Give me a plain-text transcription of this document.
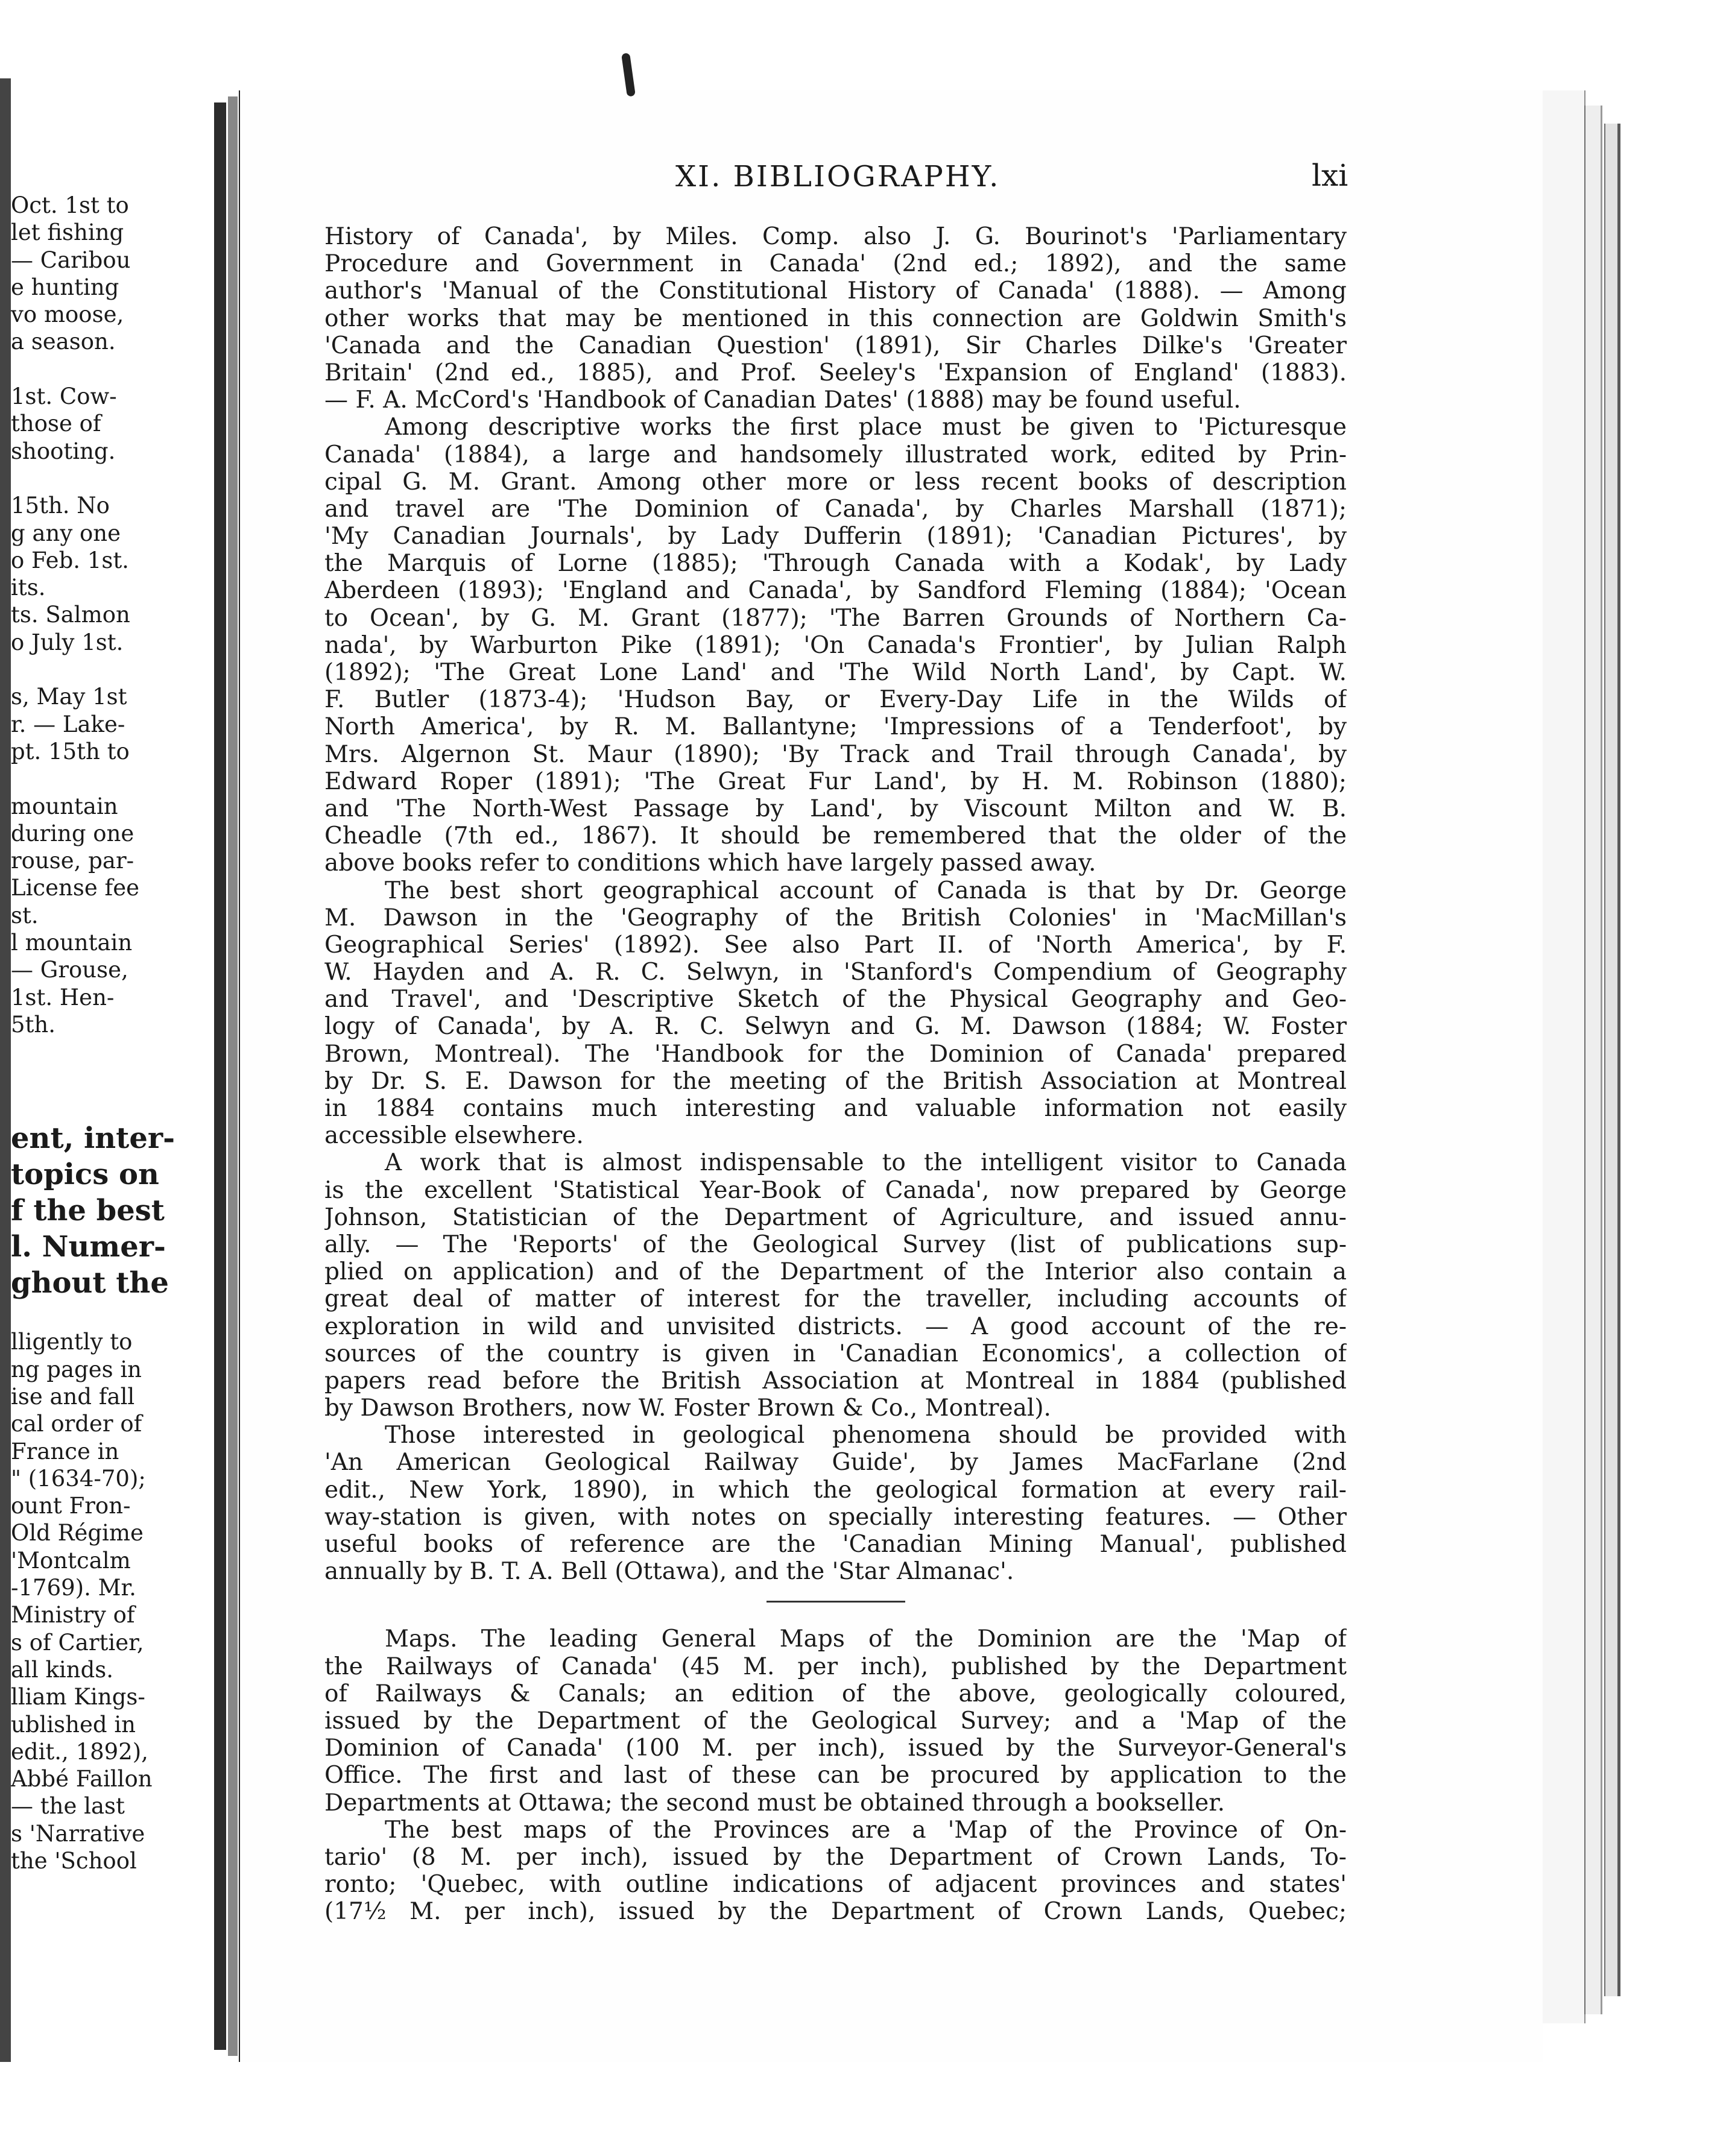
Oct. 1st to
let fishing
— Caribou
e hunting
vo moose,
a season.
1st. Cow-
those of
shooting.
15th. No
g any one
o Feb. 1st.
its.
ts. Salmon
o July 1st.
s, May 1st
r. — Lake-
pt. 15th to
mountain
during one
rouse, par-
License fee
st.
l mountain
— Grouse,
1st. Hen-
5th.
ent, inter-
topics on
f the best
l. Numer-
ghout the
lligently to
ng pages in
ise and fall
cal order of
France in
" (1634-70);
ount Fron-
Old Régime
'Montcalm
-1769). Mr.
Ministry of
s of Cartier,
all kinds.
lliam Kings-
ublished in
edit., 1892),
Abbé Faillon
— the last
s 'Narrative
the 'School
XI. BIBLIOGRAPHY.	lxi
History of Canada', by Miles. Comp. also J. G. Bourinot's 'Parliamentary
Procedure and Government in Canada' (2nd ed.; 1892), and the same
author's 'Manual of the Constitutional History of Canada' (1888). — Among
other works that may be mentioned in this connection are Goldwin Smith's
'Canada and the Canadian Question' (1891), Sir Charles Dilke's 'Greater
Britain' (2nd ed., 1885), and Prof. Seeley's 'Expansion of England' (1883).
— F. A. McCord's 'Handbook of Canadian Dates' (1888) may be found useful.
Among descriptive works the first place must be given to 'Picturesque
Canada' (1884), a large and handsomely illustrated work, edited by Prin-
cipal G. M. Grant. Among other more or less recent books of description
and travel are 'The Dominion of Canada', by Charles Marshall (1871);
'My Canadian Journals', by Lady Dufferin (1891); 'Canadian Pictures', by
the Marquis of Lorne (1885); 'Through Canada with a Kodak', by Lady
Aberdeen (1893); 'England and Canada', by Sandford Fleming (1884); 'Ocean
to Ocean', by G. M. Grant (1877); 'The Barren Grounds of Northern Ca-
nada', by Warburton Pike (1891); 'On Canada's Frontier', by Julian Ralph
(1892); 'The Great Lone Land' and 'The Wild North Land', by Capt. W.
F. Butler (1873-4); 'Hudson Bay, or Every-Day Life in the Wilds of
North America', by R. M. Ballantyne; 'Impressions of a Tenderfoot', by
Mrs. Algernon St. Maur (1890); 'By Track and Trail through Canada', by
Edward Roper (1891); 'The Great Fur Land', by H. M. Robinson (1880);
and 'The North-West Passage by Land', by Viscount Milton and W. B.
Cheadle (7th ed., 1867). It should be remembered that the older of the
above books refer to conditions which have largely passed away.
The best short geographical account of Canada is that by Dr. George
M. Dawson in the 'Geography of the British Colonies' in 'MacMillan's
Geographical Series' (1892). See also Part II. of 'North America', by F.
W. Hayden and A. R. C. Selwyn, in 'Stanford's Compendium of Geography
and Travel', and 'Descriptive Sketch of the Physical Geography and Geo-
logy of Canada', by A. R. C. Selwyn and G. M. Dawson (1884; W. Foster
Brown, Montreal). The 'Handbook for the Dominion of Canada' prepared
by Dr. S. E. Dawson for the meeting of the British Association at Montreal
in 1884 contains much interesting and valuable information not easily
accessible elsewhere.
A work that is almost indispensable to the intelligent visitor to Canada
is the excellent 'Statistical Year-Book of Canada', now prepared by George
Johnson, Statistician of the Department of Agriculture, and issued annu-
ally. — The 'Reports' of the Geological Survey (list of publications sup-
plied on application) and of the Department of the Interior also contain a
great deal of matter of interest for the traveller, including accounts of
exploration in wild and unvisited districts. — A good account of the re-
sources of the country is given in 'Canadian Economics', a collection of
papers read before the British Association at Montreal in 1884 (published
by Dawson Brothers, now W. Foster Brown & Co., Montreal).
Those interested in geological phenomena should be provided with
'An American Geological Railway Guide', by James MacFarlane (2nd
edit., New York, 1890), in which the geological formation at every rail-
way-station is given, with notes on specially interesting features. — Other
useful books of reference are the 'Canadian Mining Manual', published
annually by B. T. A. Bell (Ottawa), and the 'Star Almanac'.
Maps. The leading General Maps of the Dominion are the 'Map of
the Railways of Canada' (45 M. per inch), published by the Department
of Railways & Canals; an edition of the above, geologically coloured,
issued by the Department of the Geological Survey; and a 'Map of the
Dominion of Canada' (100 M. per inch), issued by the Surveyor-General's
Office. The first and last of these can be procured by application to the
Departments at Ottawa; the second must be obtained through a bookseller.
The best maps of the Provinces are a 'Map of the Province of On-
tario' (8 M. per inch), issued by the Department of Crown Lands, To-
ronto; 'Quebec, with outline indications of adjacent provinces and states'
(17½ M. per inch), issued by the Department of Crown Lands, Quebec;
